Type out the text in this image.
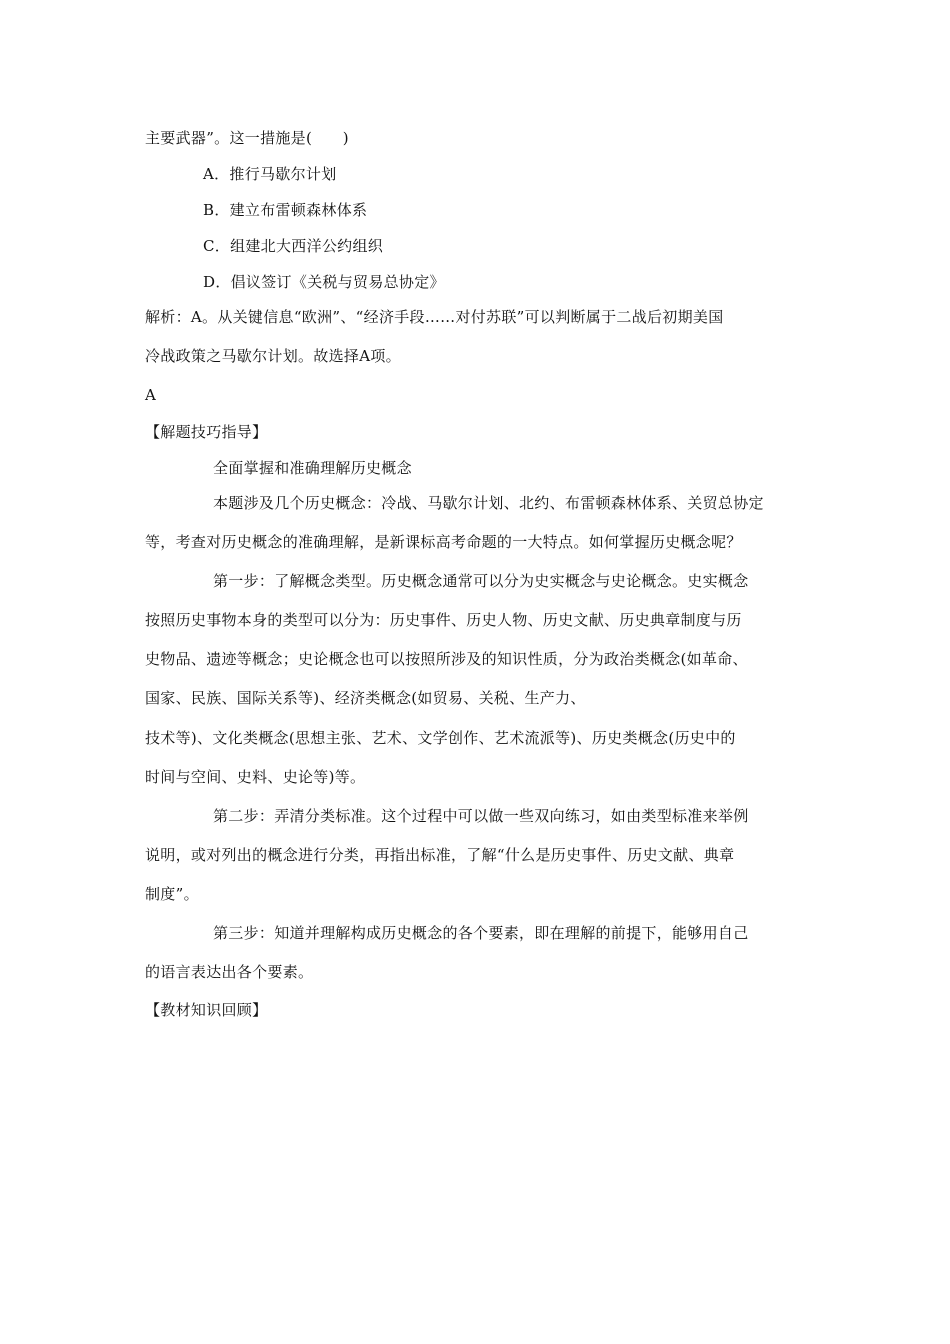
主要武器”。这一措施是(　　)
A．推行马歇尔计划
B．建立布雷顿森林体系
C．组建北大西洋公约组织
D．倡议签订《关税与贸易总协定》
解析：A。从关键信息“欧洲”、“经济手段……对付苏联”可以判断属于二战后初期美国
冷战政策之马歇尔计划。故选择A项。
A
【解题技巧指导】
全面掌握和准确理解历史概念
本题涉及几个历史概念：冷战、马歇尔计划、北约、布雷顿森林体系、关贸总协定
等，考查对历史概念的准确理解，是新课标高考命题的一大特点。如何掌握历史概念呢？
第一步：了解概念类型。历史概念通常可以分为史实概念与史论概念。史实概念
按照历史事物本身的类型可以分为：历史事件、历史人物、历史文献、历史典章制度与历
史物品、遗迹等概念；史论概念也可以按照所涉及的知识性质，分为政治类概念(如革命、
国家、民族、国际关系等)、经济类概念(如贸易、关税、生产力、
技术等)、文化类概念(思想主张、艺术、文学创作、艺术流派等)、历史类概念(历史中的
时间与空间、史料、史论等)等。
第二步：弄清分类标准。这个过程中可以做一些双向练习，如由类型标准来举例
说明，或对列出的概念进行分类，再指出标准，了解“什么是历史事件、历史文献、典章
制度”。
第三步：知道并理解构成历史概念的各个要素，即在理解的前提下，能够用自己
的语言表达出各个要素。
【教材知识回顾】
